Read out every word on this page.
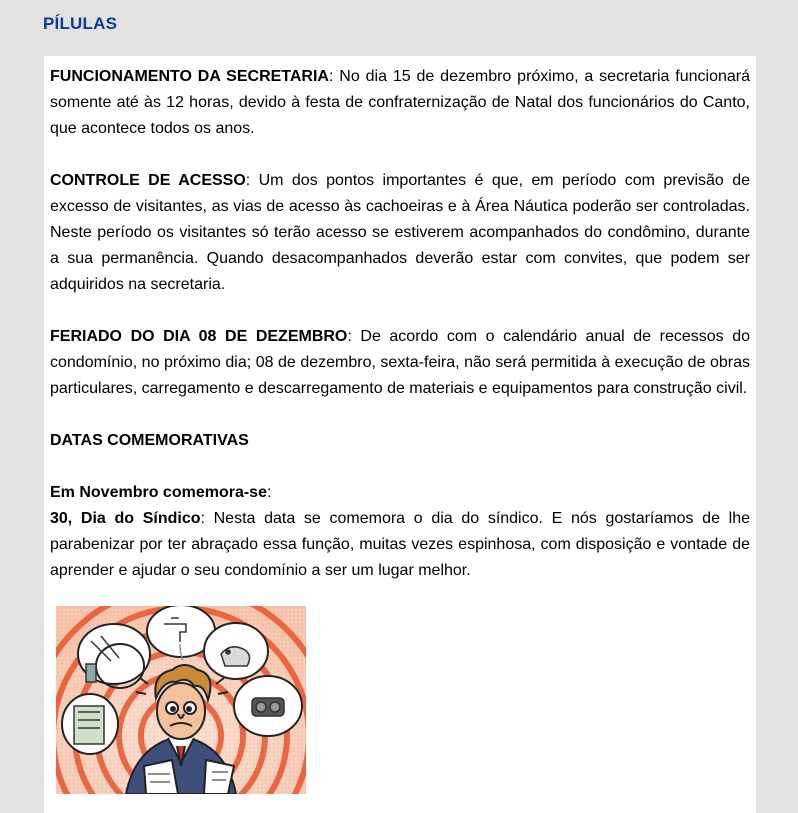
PÍLULAS

FUNCIONAMENTO DA SECRETARIA: No dia 15 de dezembro próximo, a secretaria funcionará somente até às 12 horas, devido à festa de confraternização de Natal dos funcionários do Canto, que acontece todos os anos.

CONTROLE DE ACESSO: Um dos pontos importantes é que, em período com previsão de excesso de visitantes, as vias de acesso às cachoeiras e à Área Náutica poderão ser controladas. Neste período os visitantes só terão acesso se estiverem acompanhados do condômino, durante a sua permanência. Quando desacompanhados deverão estar com convites, que podem ser adquiridos na secretaria.

FERIADO DO DIA 08 DE DEZEMBRO: De acordo com o calendário anual de recessos do condomínio, no próximo dia; 08 de dezembro, sexta-feira, não será permitida à execução de obras particulares, carregamento e descarregamento de materiais e equipamentos para construção civil.

DATAS COMEMORATIVAS

Em Novembro comemora-se:

30, Dia do Síndico: Nesta data se comemora o dia do síndico. E nós gostaríamos de lhe parabenizar por ter abraçado essa função, muitas vezes espinhosa, com disposição e vontade de aprender e ajudar o seu condomínio a ser um lugar melhor.
